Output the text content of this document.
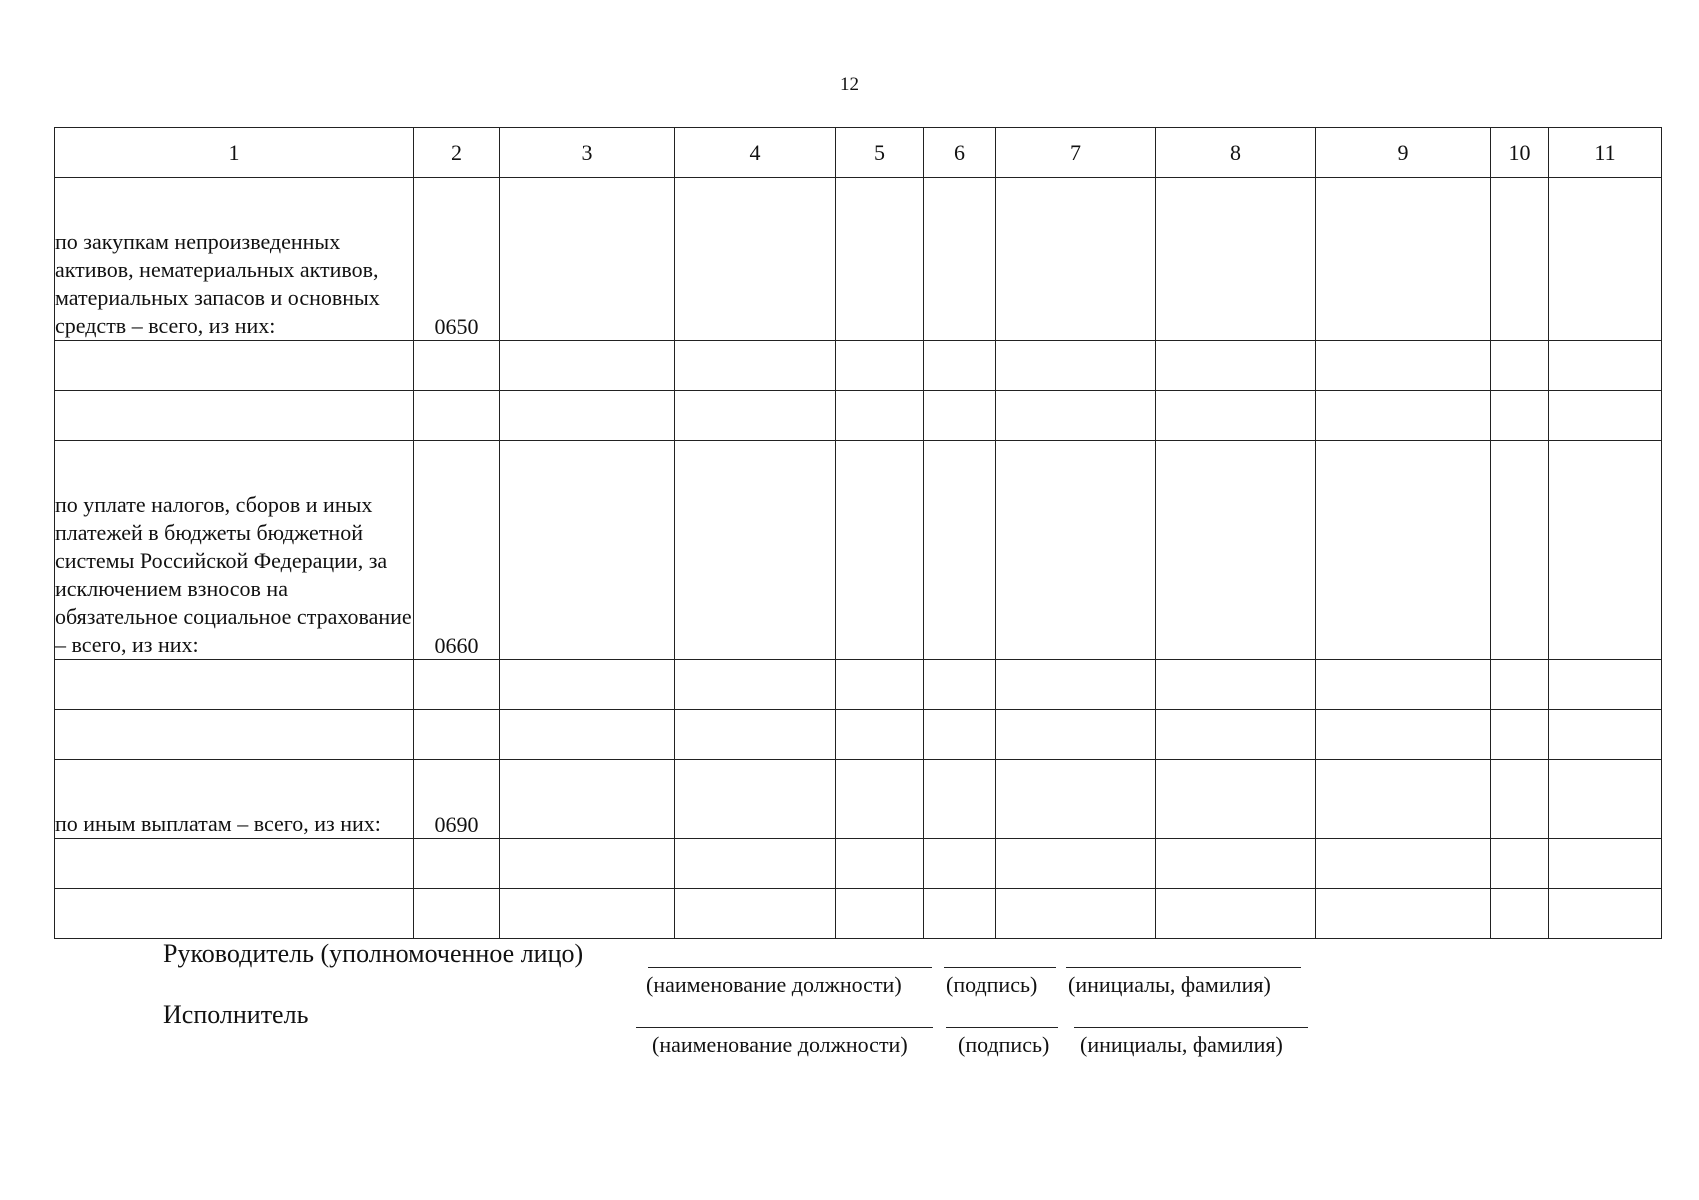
12
1	2	3	4	5	6	7	8	9	10	11
по закупкам непроизведенных активов, нематериальных активов, материальных запасов и основных средств – всего, из них:	0650									

по уплате налогов, сборов и иных платежей в бюджеты бюджетной системы Российской Федерации, за исключением взносов на обязательное социальное страхование – всего, из них:	0660									

по иным выплатам – всего, из них:	0690									

Руководитель (уполномоченное лицо)
(наименование должности) (подпись) (инициалы, фамилия)
Исполнитель
(наименование должности) (подпись) (инициалы, фамилия)
